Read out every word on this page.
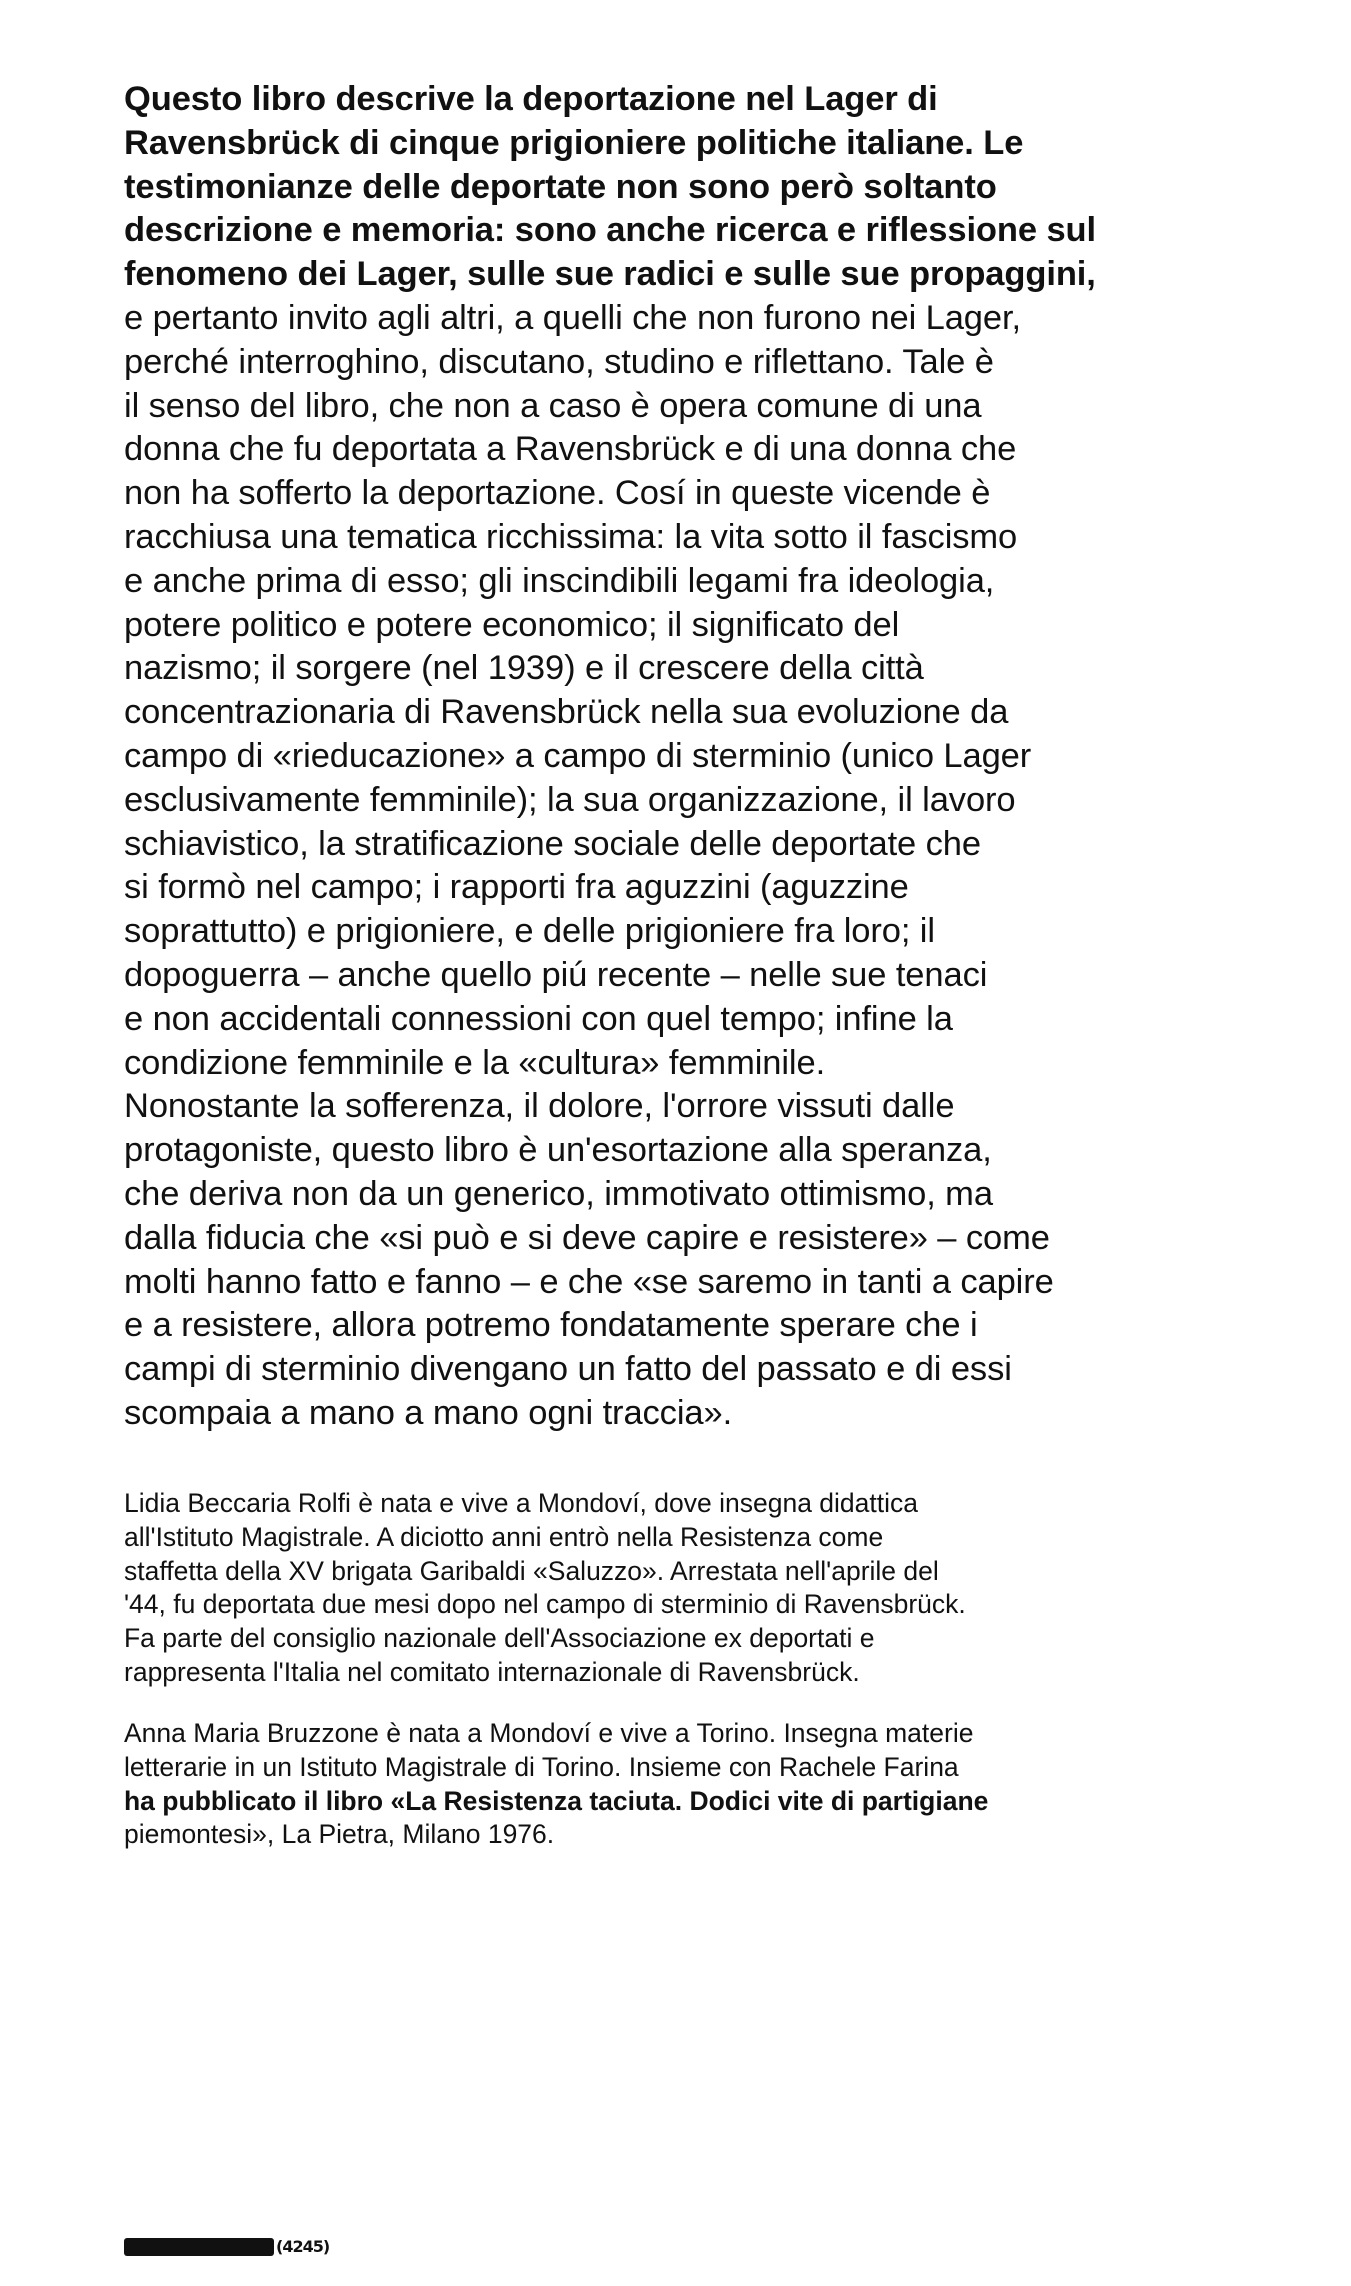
Questo libro descrive la deportazione nel Lager di
Ravensbrück di cinque prigioniere politiche italiane. Le
testimonianze delle deportate non sono però soltanto
descrizione e memoria: sono anche ricerca e riflessione sul
fenomeno dei Lager, sulle sue radici e sulle sue propaggini,
e pertanto invito agli altri, a quelli che non furono nei Lager,
perché interroghino, discutano, studino e riflettano. Tale è
il senso del libro, che non a caso è opera comune di una
donna che fu deportata a Ravensbrück e di una donna che
non ha sofferto la deportazione. Cosí in queste vicende è
racchiusa una tematica ricchissima: la vita sotto il fascismo
e anche prima di esso; gli inscindibili legami fra ideologia,
potere politico e potere economico; il significato del
nazismo; il sorgere (nel 1939) e il crescere della città
concentrazionaria di Ravensbrück nella sua evoluzione da
campo di «rieducazione» a campo di sterminio (unico Lager
esclusivamente femminile); la sua organizzazione, il lavoro
schiavistico, la stratificazione sociale delle deportate che
si formò nel campo; i rapporti fra aguzzini (aguzzine
soprattutto) e prigioniere, e delle prigioniere fra loro; il
dopoguerra – anche quello piú recente – nelle sue tenaci
e non accidentali connessioni con quel tempo; infine la
condizione femminile e la «cultura» femminile.
Nonostante la sofferenza, il dolore, l'orrore vissuti dalle
protagoniste, questo libro è un'esortazione alla speranza,
che deriva non da un generico, immotivato ottimismo, ma
dalla fiducia che «si può e si deve capire e resistere» – come
molti hanno fatto e fanno – e che «se saremo in tanti a capire
e a resistere, allora potremo fondatamente sperare che i
campi di sterminio divengano un fatto del passato e di essi
scompaia a mano a mano ogni traccia».
Lidia Beccaria Rolfi è nata e vive a Mondoví, dove insegna didattica
all'Istituto Magistrale. A diciotto anni entrò nella Resistenza come
staffetta della XV brigata Garibaldi «Saluzzo». Arrestata nell'aprile del
'44, fu deportata due mesi dopo nel campo di sterminio di Ravensbrück.
Fa parte del consiglio nazionale dell'Associazione ex deportati e
rappresenta l'Italia nel comitato internazionale di Ravensbrück.
Anna Maria Bruzzone è nata a Mondoví e vive a Torino. Insegna materie
letterarie in un Istituto Magistrale di Torino. Insieme con Rachele Farina
ha pubblicato il libro «La Resistenza taciuta. Dodici vite di partigiane
piemontesi», La Pietra, Milano 1976.
(4245)
